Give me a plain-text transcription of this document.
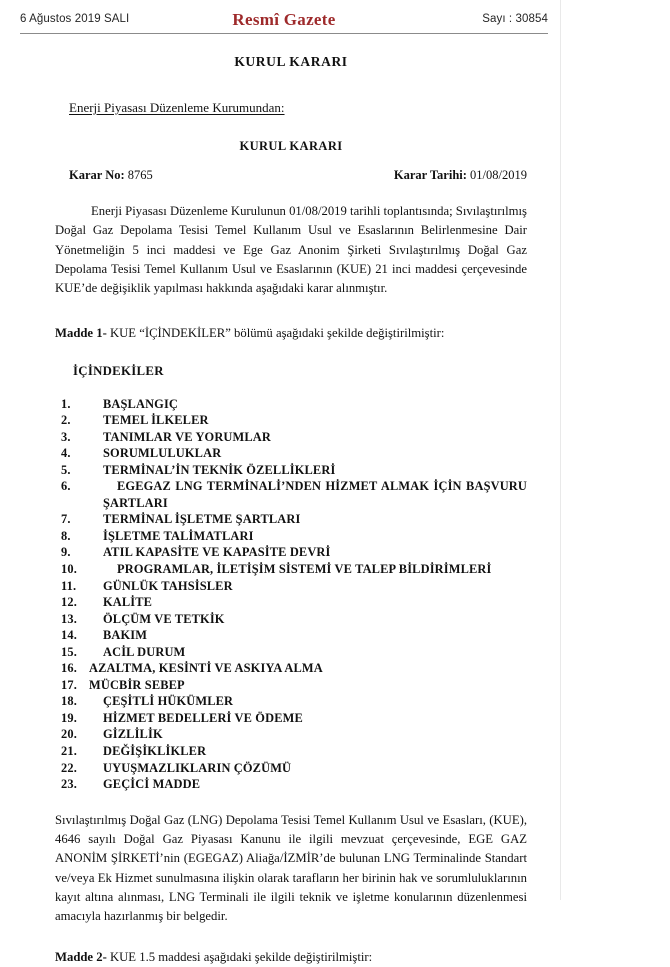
6 Ağustos 2019 SALI	Resmî Gazete	Sayı : 30854
KURUL KARARI
Enerji Piyasası Düzenleme Kurumundan:
KURUL KARARI
Karar No: 8765	Karar Tarihi: 01/08/2019

Enerji Piyasası Düzenleme Kurulunun 01/08/2019 tarihli toplantısında; Sıvılaştırılmış Doğal Gaz Depolama Tesisi Temel Kullanım Usul ve Esaslarının Belirlenmesine Dair Yönetmeliğin 5 inci maddesi ve Ege Gaz Anonim Şirketi Sıvılaştırılmış Doğal Gaz Depolama Tesisi Temel Kullanım Usul ve Esaslarının (KUE) 21 inci maddesi çerçevesinde KUE’de değişiklik yapılması hakkında aşağıdaki karar alınmıştır.

Madde 1- KUE “İÇİNDEKİLER” bölümü aşağıdaki şekilde değiştirilmiştir:
İÇİNDEKİLER
1.	BAŞLANGIÇ
2.	TEMEL İLKELER
3.	TANIMLAR VE YORUMLAR
4.	SORUMLULUKLAR
5.	TERMİNAL’İN TEKNİK ÖZELLİKLERİ
6.	EGEGAZ LNG TERMİNALİ’NDEN HİZMET ALMAK İÇİN BAŞVURU ŞARTLARI
7.	TERMİNAL İŞLETME ŞARTLARI
8.	İŞLETME TALİMATLARI
9.	ATIL KAPASİTE VE KAPASİTE DEVRİ
10.	PROGRAMLAR, İLETİŞİM SİSTEMİ VE TALEP BİLDİRİMLERİ
11.	GÜNLÜK TAHSİSLER
12.	KALİTE
13.	ÖLÇÜM VE TETKİK
14.	BAKIM
15.	ACİL DURUM
16. AZALTMA, KESİNTİ VE ASKIYA ALMA
17. MÜCBİR SEBEP
18.	ÇEŞİTLİ HÜKÜMLER
19.	HİZMET BEDELLERİ VE ÖDEME
20.	GİZLİLİK
21.	DEĞİŞİKLİKLER
22.	UYUŞMAZLIKLARIN ÇÖZÜMÜ
23.	GEÇİCİ MADDE

Sıvılaştırılmış Doğal Gaz (LNG) Depolama Tesisi Temel Kullanım Usul ve Esasları, (KUE), 4646 sayılı Doğal Gaz Piyasası Kanunu ile ilgili mevzuat çerçevesinde, EGE GAZ ANONİM ŞİRKETİ’nin (EGEGAZ) Aliağa/İZMİR’de bulunan LNG Terminalinde Standart ve/veya Ek Hizmet sunulmasına ilişkin olarak tarafların her birinin hak ve sorumluluklarının kayıt altına alınması, LNG Terminali ile ilgili teknik ve işletme konularının düzenlenmesi amacıyla hazırlanmış bir belgedir.

Madde 2- KUE 1.5 maddesi aşağıdaki şekilde değiştirilmiştir:
